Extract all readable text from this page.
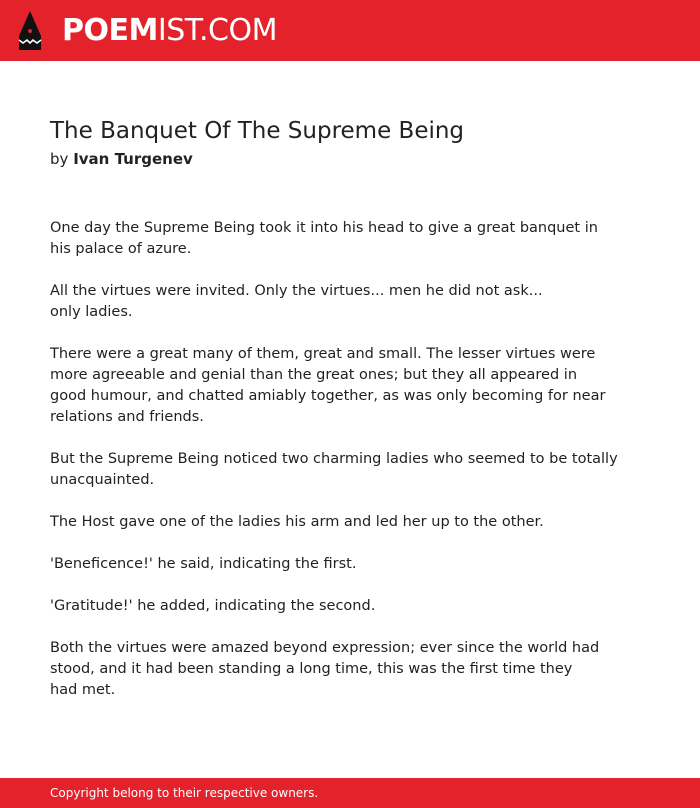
POEMIST.COM
The Banquet Of The Supreme Being
by Ivan Turgenev

One day the Supreme Being took it into his head to give a great banquet in
his palace of azure.

All the virtues were invited. Only the virtues... men he did not ask...
only ladies.

There were a great many of them, great and small. The lesser virtues were
more agreeable and genial than the great ones; but they all appeared in
good humour, and chatted amiably together, as was only becoming for near
relations and friends.

But the Supreme Being noticed two charming ladies who seemed to be totally
unacquainted.

The Host gave one of the ladies his arm and led her up to the other.

'Beneficence!' he said, indicating the first.

'Gratitude!' he added, indicating the second.

Both the virtues were amazed beyond expression; ever since the world had
stood, and it had been standing a long time, this was the first time they
had met.

Copyright belong to their respective owners.
